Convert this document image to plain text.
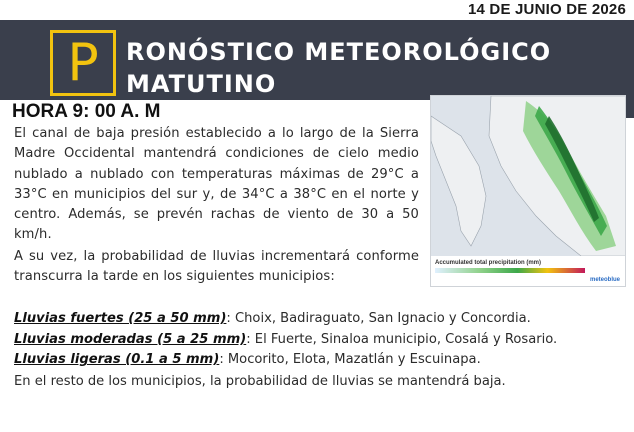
14 DE JUNIO DE 2026
P	RONÓSTICO METEOROLÓGICO
MATUTINO
HORA 9: 00 A. M

El canal de baja presión establecido a lo largo de la Sierra Madre Occidental mantendrá condiciones de cielo medio nublado a nublado con temperaturas máximas de 29°C a 33°C en municipios del sur y, de 34°C a 38°C en el norte y centro. Además, se prevén rachas de viento de 30 a 50 km/h.

A su vez, la probabilidad de lluvias incrementará conforme transcurra la tarde en los siguientes municipios:

Lluvias fuertes (25 a 50 mm): Choix, Badiraguato, San Ignacio y Concordia.
Lluvias moderadas (5 a 25 mm): El Fuerte, Sinaloa municipio, Cosalá y Rosario.
Lluvias ligeras (0.1 a 5 mm): Mocorito, Elota, Mazatlán y Escuinapa.
En el resto de los municipios, la probabilidad de lluvias se mantendrá baja.
Accumulated total precipitation (mm)
meteoblue
